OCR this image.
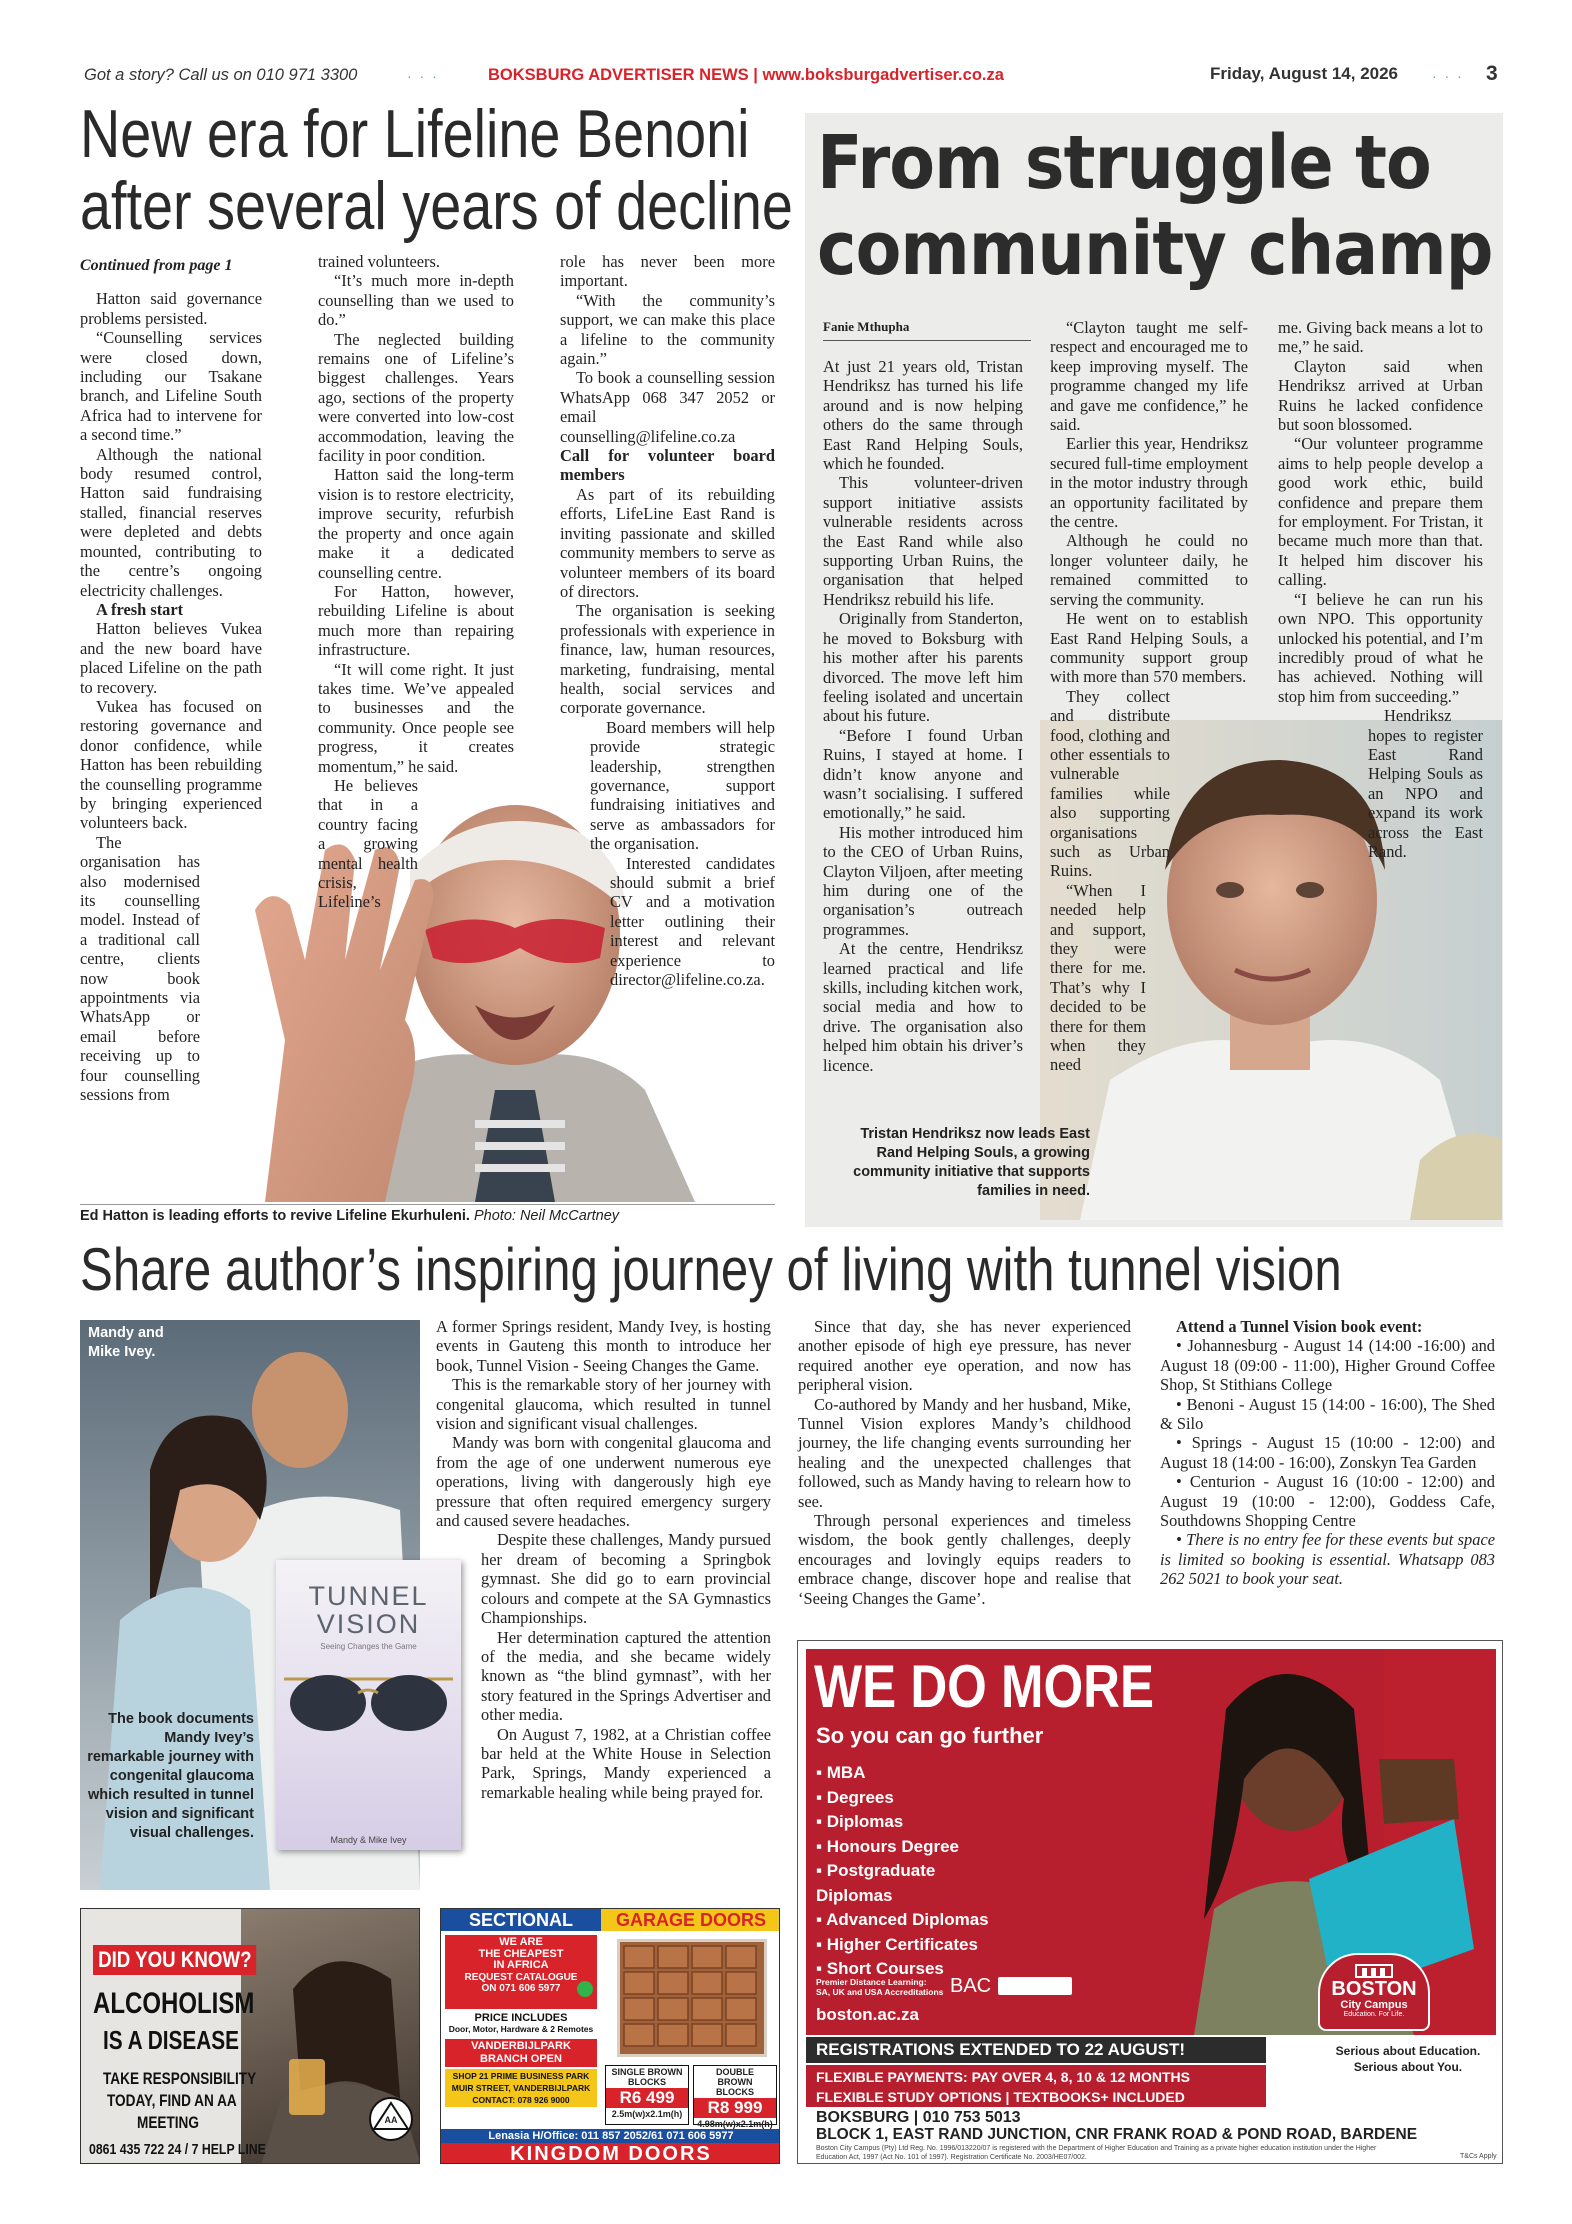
Got a story? Call us on 010 971 3300	· · ·	BOKSBURG ADVERTISER NEWS | www.boksburgadvertiser.co.za	Friday, August 14, 2026 · · · 3
New era for Lifeline Benoni
after several years of decline

Continued from page 1

Hatton said governance problems persisted.

“Counselling services were closed down, including our Tsakane branch, and Lifeline South Africa had to intervene for a second time.”

Although the national body resumed control, Hatton said fundraising stalled, financial reserves were depleted and debts mounted, contributing to the centre’s ongoing electricity challenges.

A fresh start

Hatton believes Vukea and the new board have placed Lifeline on the path to recovery.

Vukea has focused on restoring governance and donor confidence, while Hatton has been rebuilding the counselling programme by bringing experienced volunteers back.

The organisation has also modernised its counselling model. Instead of a traditional call centre, clients now book appointments via WhatsApp or email before receiving up to four counselling sessions from

trained volunteers.

“It’s much more in-depth counselling than we used to do.”

The neglected building remains one of Lifeline’s biggest challenges. Years ago, sections of the property were converted into low-cost accommodation, leaving the facility in poor condition.

Hatton said the long-term vision is to restore electricity, improve security, refurbish the property and once again make it a dedicated counselling centre.

For Hatton, however, rebuilding Lifeline is about much more than repairing infrastructure.

“It will come right. It just takes time. We’ve appealed to businesses and the community. Once people see progress, it creates momentum,” he said.

He believes that in a country facing a growing mental health crisis, Lifeline’s

role has never been more important.

“With the community’s support, we can make this place a lifeline to the community again.”

To book a counselling session WhatsApp 068 347 2052 or email counselling@lifeline.co.za

Call for volunteer board members

As part of its rebuilding efforts, LifeLine East Rand is inviting passionate and skilled community members to serve as volunteer members of its board of directors.

The organisation is seeking professionals with experience in finance, law, human resources, marketing, fundraising, mental health, social services and corporate governance.

Board members will help provide strategic leadership, strengthen governance, support fundraising initiatives and serve as ambassadors for the organisation.

Interested candidates should submit a brief CV and a motivation letter outlining their interest and relevant experience to director@lifeline.co.za.

Ed Hatton is leading efforts to revive Lifeline Ekurhuleni. Photo: Neil McCartney
From struggle to
community champ
Fanie Mthupha

At just 21 years old, Tristan Hendriksz has turned his life around and is now helping others do the same through East Rand Helping Souls, which he founded.

This volunteer-driven support initiative assists vulnerable residents across the East Rand while also supporting Urban Ruins, the organisation that helped Hendriksz rebuild his life.

Originally from Standerton, he moved to Boksburg with his mother after his parents divorced. The move left him feeling isolated and uncertain about his future.

“Before I found Urban Ruins, I stayed at home. I didn’t know anyone and wasn’t socialising. I suffered emotionally,” he said.

His mother introduced him to the CEO of Urban Ruins, Clayton Viljoen, after meeting him during one of the organisation’s outreach programmes.

At the centre, Hendriksz learned practical and life skills, including kitchen work, social media and how to drive. The organisation also helped him obtain his driver’s licence.

“Clayton taught me self-respect and encouraged me to keep improving myself. The programme changed my life and gave me confidence,” he said.

Earlier this year, Hendriksz secured full-time employment in the motor industry through an opportunity facilitated by the centre.

Although he could no longer volunteer daily, he remained committed to serving the community.

He went on to establish East Rand Helping Souls, a community support group with more than 570 members.

They collect and distribute food, clothing and other essentials to vulnerable families while also supporting organisations such as Urban Ruins.

“When I needed help and support, they were there for me. That’s why I decided to be there for them when they need

me. Giving back means a lot to me,” he said.

Clayton said when Hendriksz arrived at Urban Ruins he lacked confidence but soon blossomed.

“Our volunteer programme aims to help people develop a good work ethic, build confidence and prepare them for employment. For Tristan, it became much more than that. It helped him discover his calling.

“I believe he can run his own NPO. This opportunity unlocked his potential, and I’m incredibly proud of what he has achieved. Nothing will stop him from succeeding.”

Hendriksz hopes to register East Rand Helping Souls as an NPO and expand its work across the East Rand.

Tristan Hendriksz now leads East Rand Helping Souls, a growing community initiative that supports families in need.
Share author’s inspiring journey of living with tunnel vision
Mandy and Mike Ivey.
TUNNEL VISION
Seeing Changes the Game
Mandy & Mike Ivey
The book documents Mandy Ivey’s remarkable journey with congenital glaucoma which resulted in tunnel vision and significant visual challenges.

A former Springs resident, Mandy Ivey, is hosting events in Gauteng this month to introduce her book, Tunnel Vision - Seeing Changes the Game.

This is the remarkable story of her journey with congenital glaucoma, which resulted in tunnel vision and significant visual challenges.

Mandy was born with congenital glaucoma and from the age of one underwent numerous eye operations, living with dangerously high eye pressure that often required emergency surgery and caused severe headaches.

Despite these challenges, Mandy pursued her dream of becoming a Springbok gymnast. She did go to earn provincial colours and compete at the SA Gymnastics Championships.

Her determination captured the attention of the media, and she became widely known as “the blind gymnast”, with her story featured in the Springs Advertiser and other media.

On August 7, 1982, at a Christian coffee bar held at the White House in Selection Park, Springs, Mandy experienced a remarkable healing while being prayed for.

Since that day, she has never experienced another episode of high eye pressure, has never required another eye operation, and now has peripheral vision.

Co-authored by Mandy and her husband, Mike, Tunnel Vision explores Mandy’s childhood journey, the life changing events surrounding her healing and the unexpected challenges that followed, such as Mandy having to relearn how to see.

Through personal experiences and timeless wisdom, the book gently challenges, deeply encourages and lovingly equips readers to embrace change, discover hope and realise that ‘Seeing Changes the Game’.

Attend a Tunnel Vision book event:

• Johannesburg - August 14 (14:00 -16:00) and August 18 (09:00 - 11:00), Higher Ground Coffee Shop, St Stithians College

• Benoni - August 15 (14:00 - 16:00), The Shed & Silo

• Springs - August 15 (10:00 - 12:00) and August 18 (14:00 - 16:00), Zonskyn Tea Garden

• Centurion - August 16 (10:00 - 12:00) and August 19 (10:00 - 12:00), Goddess Cafe, Southdowns Shopping Centre

• There is no entry fee for these events but space is limited so booking is essential. Whatsapp 083 262 5021 to book your seat.

DID YOU KNOW?
ALCOHOLISM
IS A DISEASE
TAKE RESPONSIBILITY
TODAY, FIND AN AA
MEETING	AA
0861 435 722 24 / 7 HELP LINE
SECTIONAL	GARAGE DOORS
WE ARE
THE CHEAPEST
IN AFRICA
REQUEST CATALOGUE
ON 071 606 5977
PRICE INCLUDES
Door, Motor, Hardware & 2 Remotes
VANDERBIJLPARK
BRANCH OPEN
SHOP 21 PRIME BUSINESS PARK
MUIR STREET, VANDERBIJLPARK
CONTACT: 078 926 9000
SINGLE BROWN BLOCKS
R6 499
2.5m(w)x2.1m(h)
DOUBLE BROWN BLOCKS
R8 999
4.98m(w)x2.1m(h)
Lenasia H/Office: 011 857 2052/61 071 606 5977
KINGDOM DOORS
WE DO MORE
So you can go further
▪ MBA
▪ Degrees
▪ Diplomas
▪ Honours Degree
▪ Postgraduate Diplomas
▪ Advanced Diplomas
▪ Higher Certificates
▪ Short Courses
Premier Distance Learning:
SA, UK and USA Accreditations BAC
boston.ac.za
BOSTON
City Campus
Education. For Life.
REGISTRATIONS EXTENDED TO 22 AUGUST!
FLEXIBLE PAYMENTS: PAY OVER 4, 8, 10 & 12 MONTHS
FLEXIBLE STUDY OPTIONS | TEXTBOOKS+ INCLUDED
Serious about Education.
Serious about You.
BOKSBURG | 010 753 5013
BLOCK 1, EAST RAND JUNCTION, CNR FRANK ROAD & POND ROAD, BARDENE
Boston City Campus (Pty) Ltd Reg. No. 1996/013220/07 is registered with the Department of Higher Education and Training as a private higher education institution under the Higher Education Act, 1997 (Act No. 101 of 1997). Registration Certificate No. 2003/HE07/002.	T&Cs Apply
